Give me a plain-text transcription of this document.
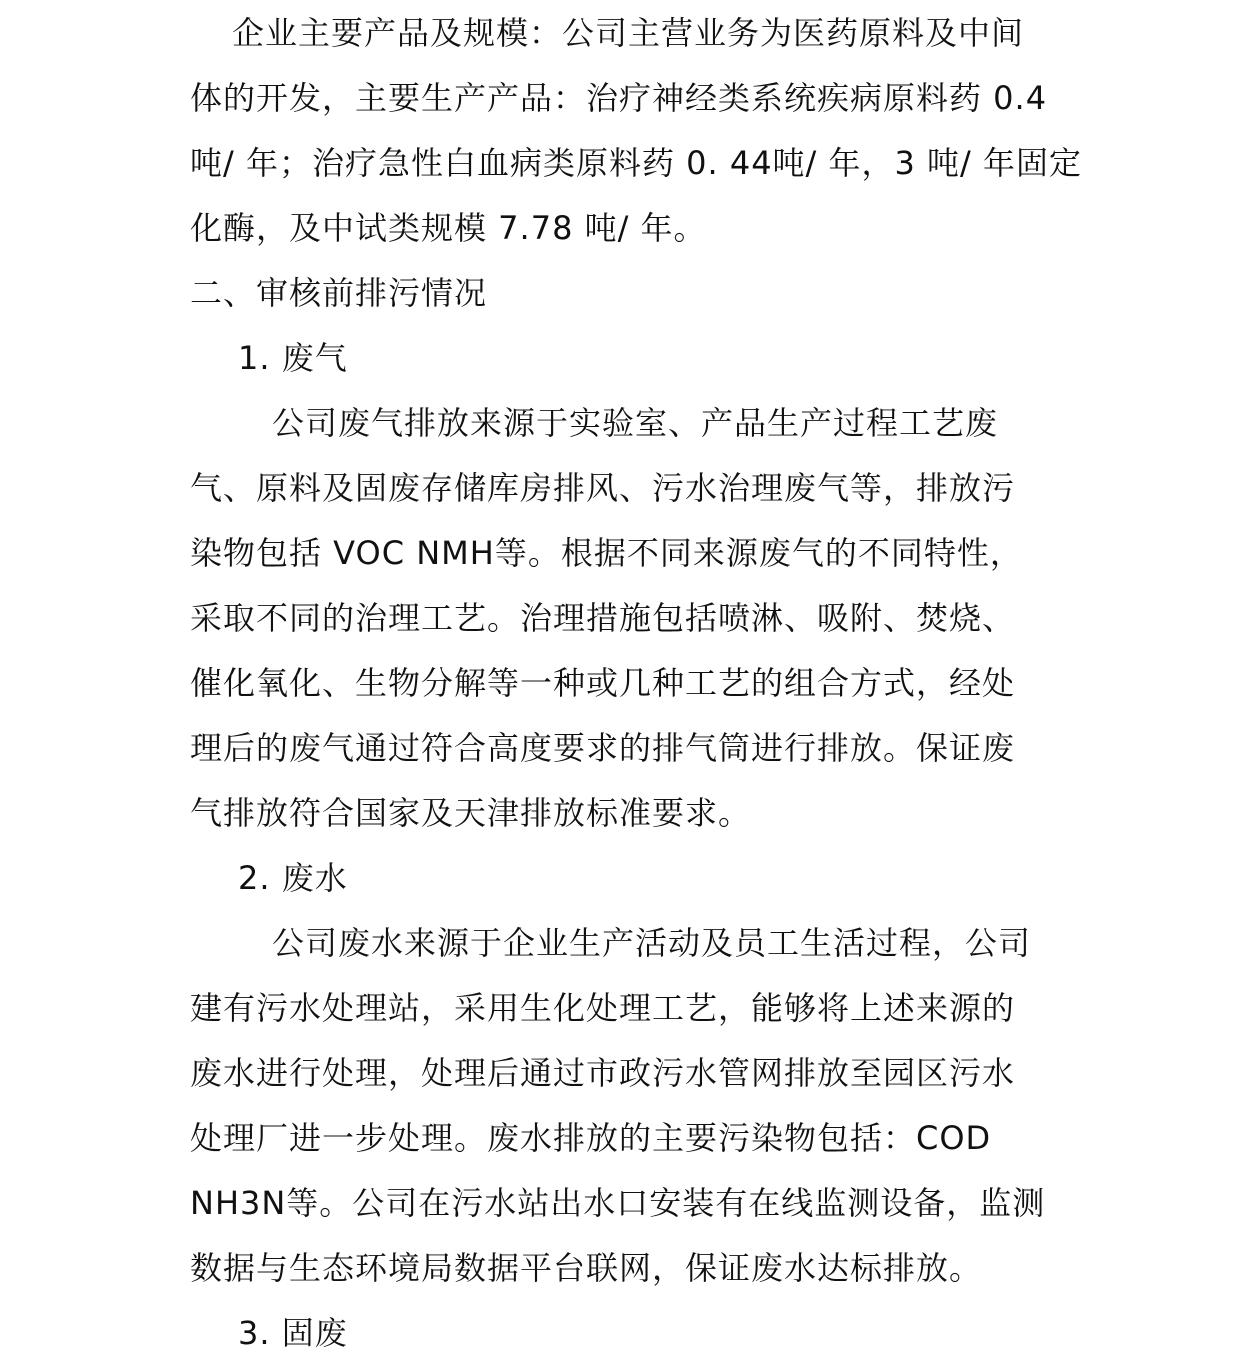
企业主要产品及规模：公司主营业务为医药原料及中间
体的开发，主要生产产品：治疗神经类系统疾病原料药 0.4
吨/ 年；治疗急性白血病类原料药 0. 44吨/ 年，3 吨/ 年固定
化酶，及中试类规模 7.78 吨/ 年。
二、审核前排污情况
1. 废气
公司废气排放来源于实验室、产品生产过程工艺废
气、原料及固废存储库房排风、污水治理废气等，排放污
染物包括 VOC NMH等。根据不同来源废气的不同特性，
采取不同的治理工艺。治理措施包括喷淋、吸附、焚烧、
催化氧化、生物分解等一种或几种工艺的组合方式，经处
理后的废气通过符合高度要求的排气筒进行排放。保证废
气排放符合国家及天津排放标准要求。
2. 废水
公司废水来源于企业生产活动及员工生活过程，公司
建有污水处理站，采用生化处理工艺，能够将上述来源的
废水进行处理，处理后通过市政污水管网排放至园区污水
处理厂进一步处理。废水排放的主要污染物包括：COD
NH3N等。公司在污水站出水口安装有在线监测设备，监测
数据与生态环境局数据平台联网，保证废水达标排放。
3. 固废
